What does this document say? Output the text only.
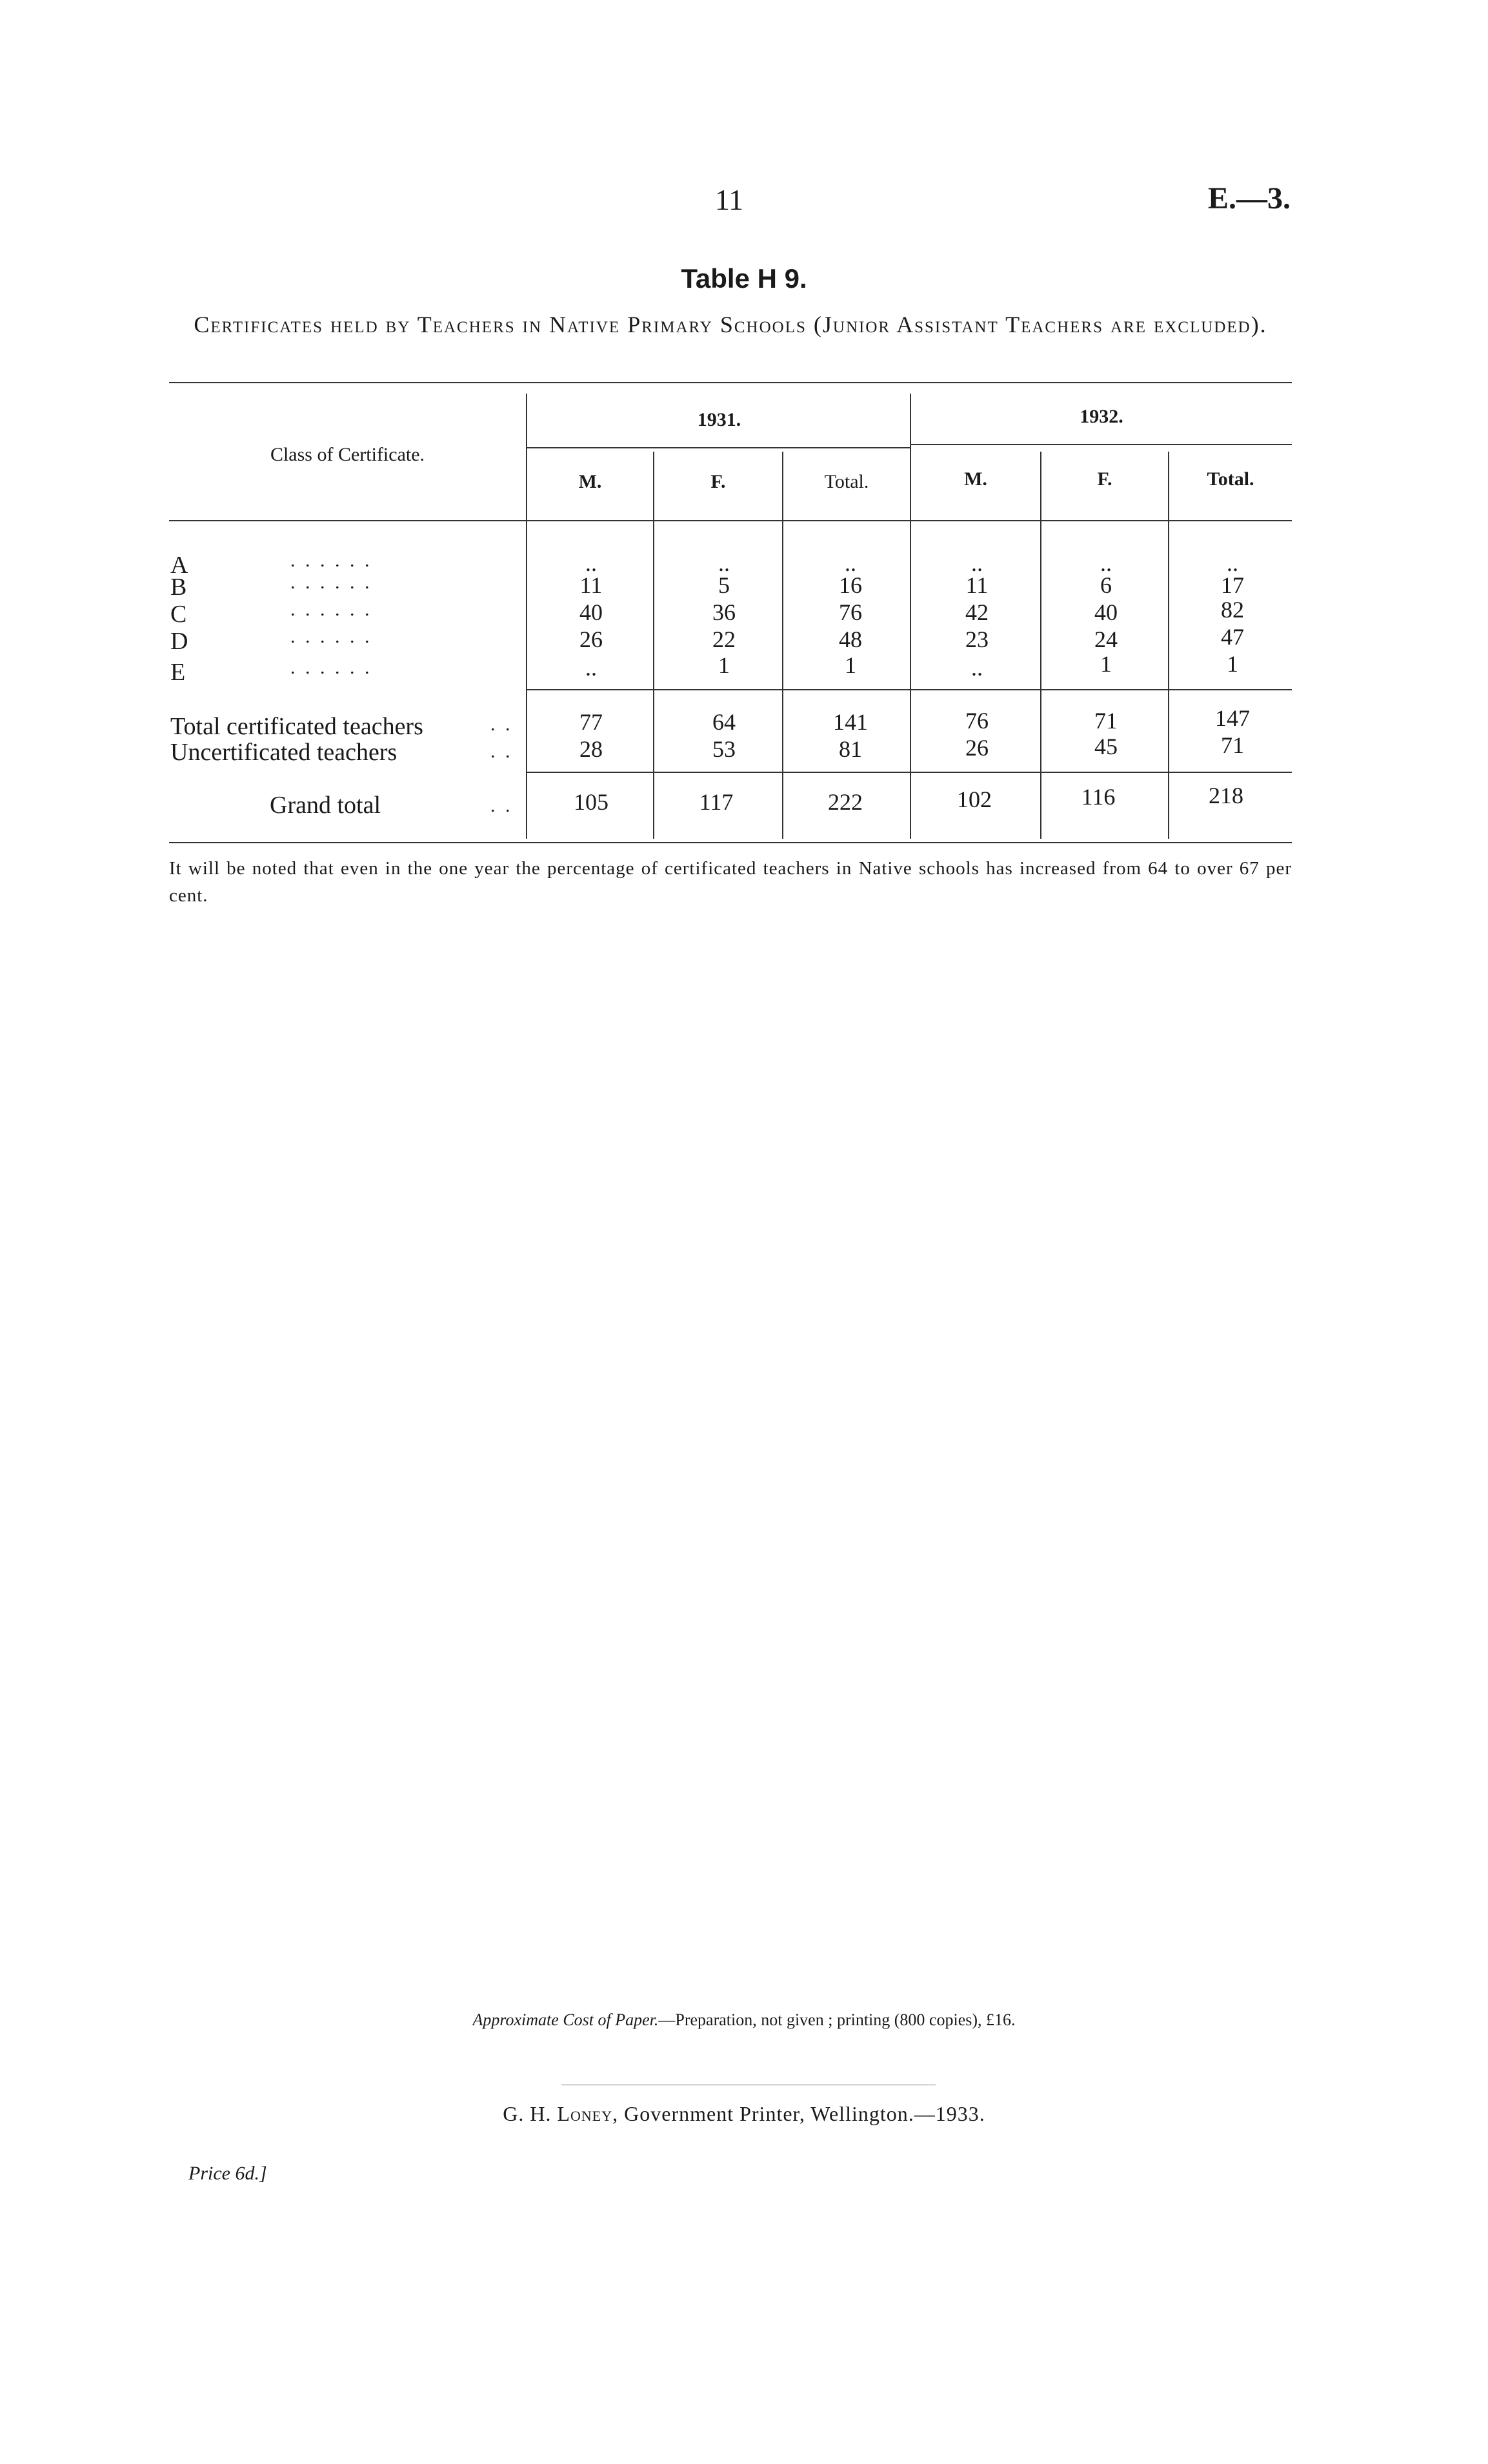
11	E.—3.
Table H 9.
Certificates held by Teachers in Native Primary Schools (Junior Assistant Teachers are excluded).
Class of Certificate.
1931.	1932.
M.	F.	Total.	M.	F.	Total.
A	. . . . . .	..	..	..	..	..	..
B	. . . . . .	11	5	16	11	6	17
C	. . . . . .	40	36	76	42	40	82
D	. . . . . .	26	22	48	23	24	47
E	. . . . . .	..	1	1	..	1	1
Total certificated teachers	. .	77	64	141	76	71	147
Uncertificated teachers	. .	28	53	81	26	45	71
Grand total	. .	105	117	222	102	116	218
It will be noted that even in the one year the percentage of certificated teachers in Native schools has increased from 64 to over 67 per cent.
Approximate Cost of Paper.—Preparation, not given ; printing (800 copies), £16.
G. H. Loney, Government Printer, Wellington.—1933.
Price 6d.]
